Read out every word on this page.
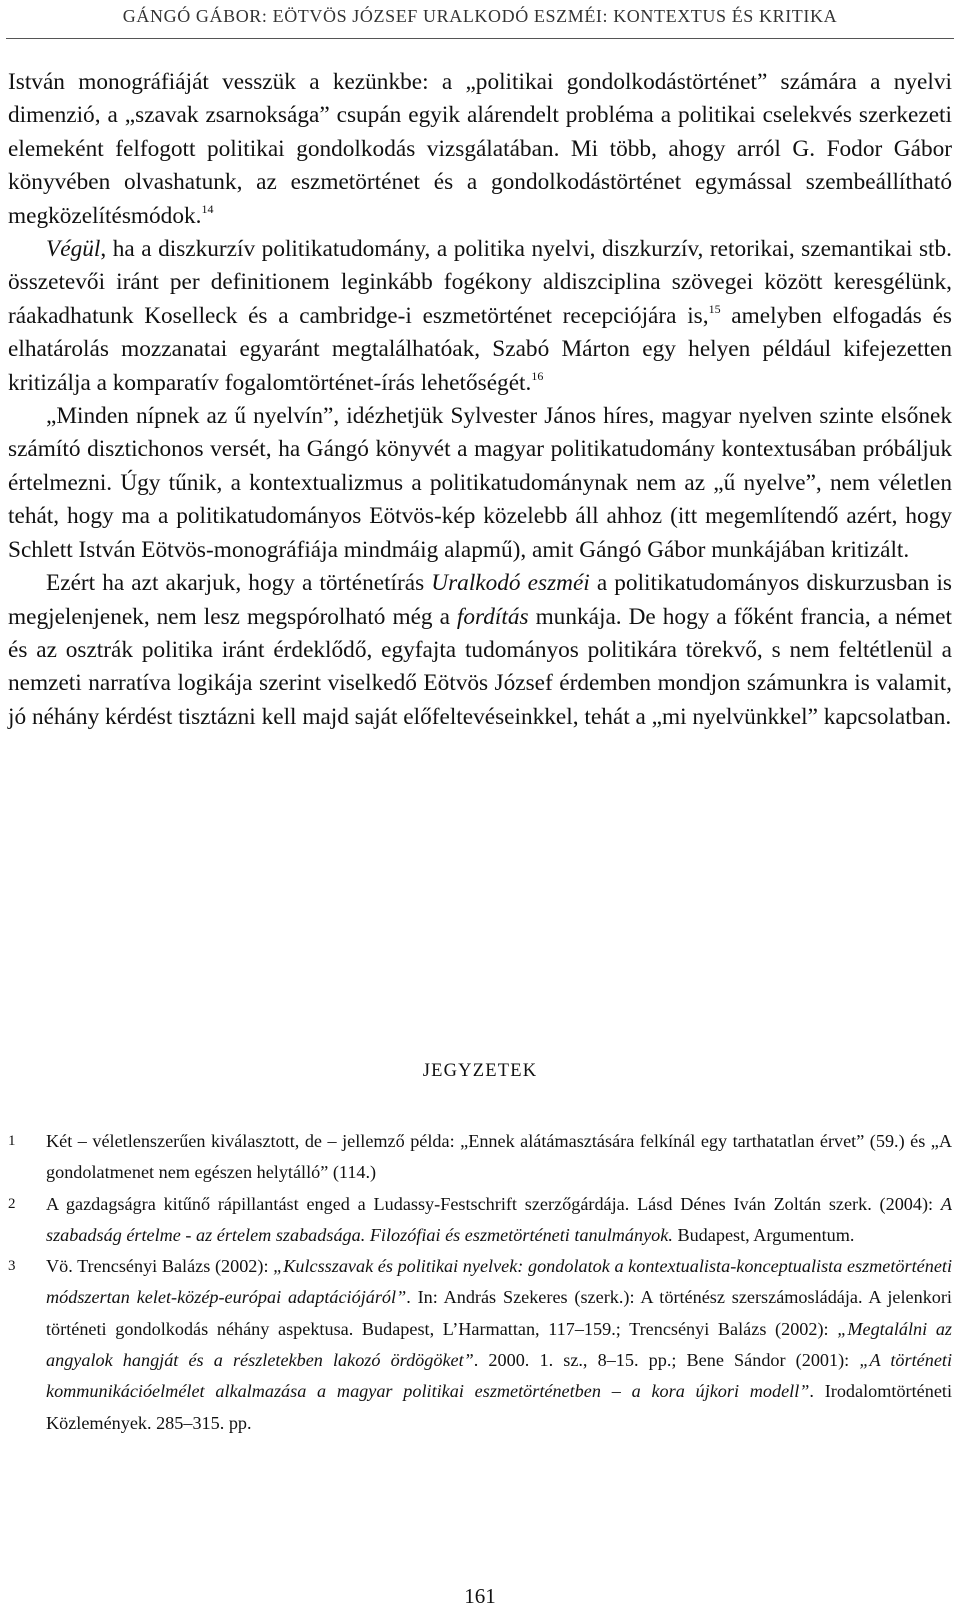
GÁNGÓ GÁBOR: EÖTVÖS JÓZSEF URALKODÓ ESZMÉI: KONTEXTUS ÉS KRITIKA

István monográfiáját vesszük a kezünkbe: a „politikai gondolkodástörténet” számára a nyelvi dimenzió, a „szavak zsarnoksága” csupán egyik alárendelt probléma a politikai cselekvés szerkezeti elemeként felfogott politikai gondolkodás vizsgálatában. Mi több, ahogy arról G. Fodor Gábor könyvében olvashatunk, az eszmetörténet és a gondolkodástörténet egymással szembeállítható megközelítésmódok.$^{14}$

Végül, ha a diszkurzív politikatudomány, a politika nyelvi, diszkurzív, retorikai, szemantikai stb. összetevői iránt per definitionem leginkább fogékony aldiszciplina szövegei között keresgélünk, ráakadhatunk Koselleck és a cambridge-i eszmetörténet recepciójára is,$^{15}$ amelyben elfogadás és elhatárolás mozzanatai egyaránt megtalálhatóak, Szabó Márton egy helyen például kifejezetten kritizálja a komparatív fogalomtörténet-írás lehetőségét.$^{16}$

„Minden nípnek az ű nyelvín”, idézhetjük Sylvester János híres, magyar nyelven szinte elsőnek számító disztichonos versét, ha Gángó könyvét a magyar politikatudomány kontextusában próbáljuk értelmezni. Úgy tűnik, a kontextualizmus a politikatudománynak nem az „ű nyelve”, nem véletlen tehát, hogy ma a politikatudományos Eötvös-kép közelebb áll ahhoz (itt megemlítendő azért, hogy Schlett István Eötvös-monográfiája mindmáig alapmű), amit Gángó Gábor munkájában kritizált.

Ezért ha azt akarjuk, hogy a történetírás Uralkodó eszméi a politikatudományos diskurzusban is megjelenjenek, nem lesz megspórolható még a fordítás munkája. De hogy a főként francia, a német és az osztrák politika iránt érdeklődő, egyfajta tudományos politikára törekvő, s nem feltétlenül a nemzeti narratíva logikája szerint viselkedő Eötvös József érdemben mondjon számunkra is valamit, jó néhány kérdést tisztázni kell majd saját előfeltevéseinkkel, tehát a „mi nyelvünkkel” kapcsolatban.

JEGYZETEK
1	Két – véletlenszerűen kiválasztott, de – jellemző példa: „Ennek alátámasztására felkínál egy tarthatatlan érvet” (59.) és „A gondolatmenet nem egészen helytálló” (114.)
2	A gazdagságra kitűnő rápillantást enged a Ludassy-Festschrift szerzőgárdája. Lásd Dénes Iván Zoltán szerk. (2004): A szabadság értelme - az értelem szabadsága. Filozófiai és eszmetörténeti tanulmányok. Budapest, Argumentum.
3	Vö. Trencsényi Balázs (2002): „Kulcsszavak és politikai nyelvek: gondolatok a kontextualista-konceptualista eszmetörténeti módszertan kelet-közép-európai adaptációjáról”. In: András Szekeres (szerk.): A történész szerszámosládája. A jelenkori történeti gondolkodás néhány aspektusa. Budapest, L’Harmattan, 117–159.; Trencsényi Balázs (2002): „Megtalálni az angyalok hangját és a részletekben lakozó ördögöket”. 2000. 1. sz., 8–15. pp.; Bene Sándor (2001): „A történeti kommunikációelmélet alkalmazása a magyar politikai eszmetörténetben – a kora újkori modell”. Irodalomtörténeti Közlemények. 285–315. pp.
161
